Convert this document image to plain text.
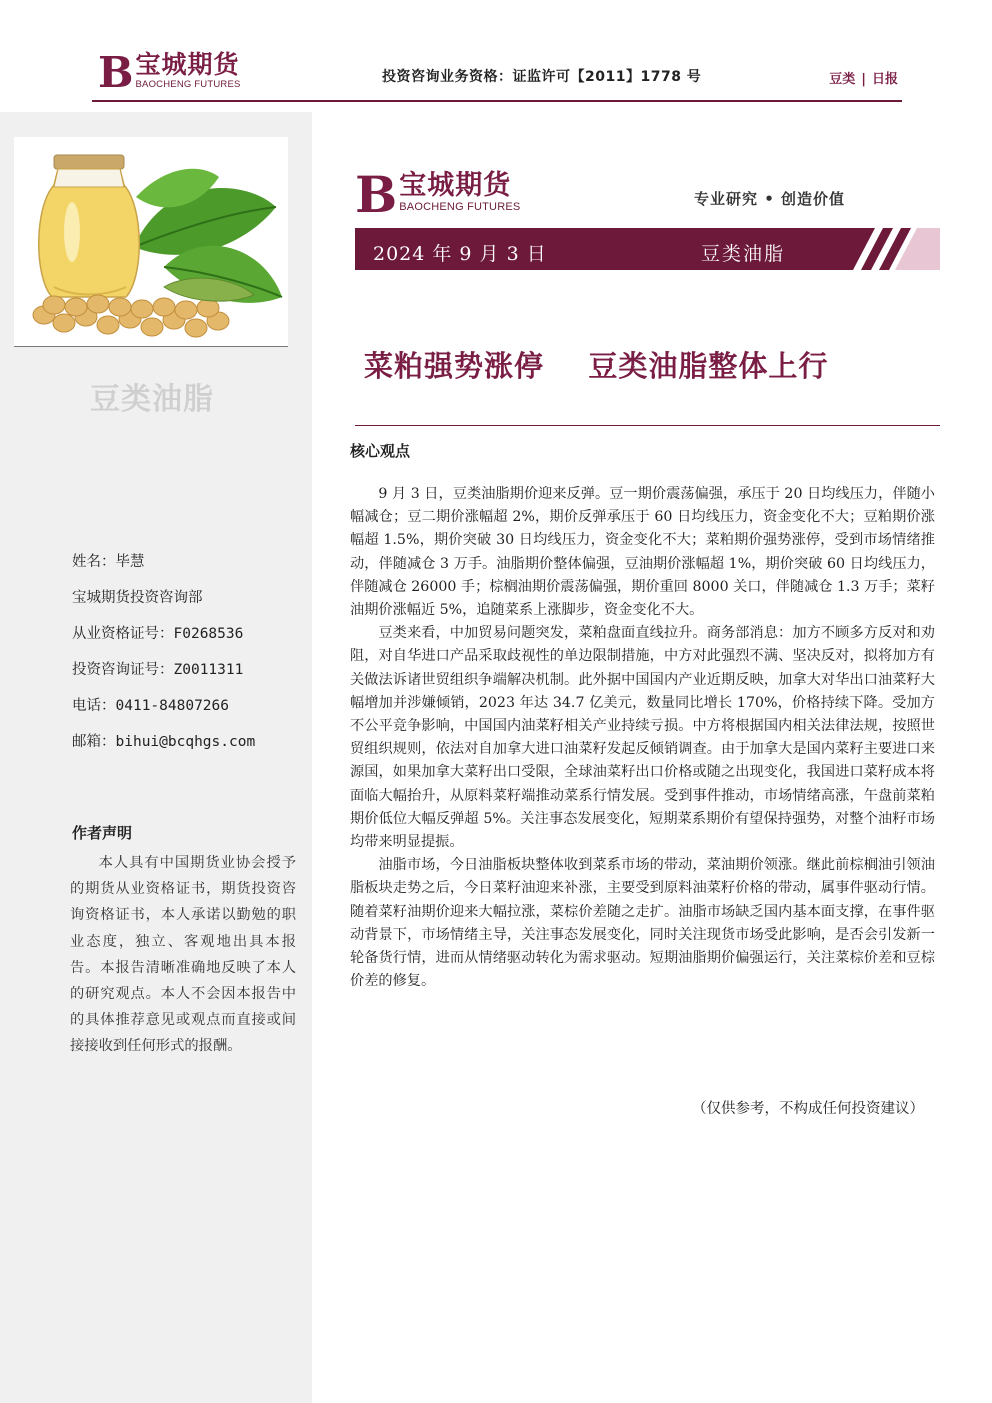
B 宝城期货
BAOCHENG FUTURES	投资咨询业务资格：证监许可【2011】1778 号	豆类 | 日报
豆类油脂
姓名：毕慧
宝城期货投资咨询部
从业资格证号：F0268536
投资咨询证号：Z0011311
电话：0411-84807266
邮箱：bihui@bcqhgs.com
作者声明
本人具有中国期货业协会授予的期货从业资格证书，期货投资咨询资格证书，本人承诺以勤勉的职业态度，独立、客观地出具本报告。本报告清晰准确地反映了本人的研究观点。本人不会因本报告中的具体推荐意见或观点而直接或间接接收到任何形式的报酬。
B 宝城期货
BAOCHENG FUTURES	专业研究 • 创造价值
2024 年 9 月 3 日	豆类油脂
菜粕强势涨停    豆类油脂整体上行
核心观点

9 月 3 日，豆类油脂期价迎来反弹。豆一期价震荡偏强，承压于 20 日均线压力，伴随小幅减仓；豆二期价涨幅超 2%，期价反弹承压于 60 日均线压力，资金变化不大；豆粕期价涨幅超 1.5%，期价突破 30 日均线压力，资金变化不大；菜粕期价强势涨停，受到市场情绪推动，伴随减仓 3 万手。油脂期价整体偏强，豆油期价涨幅超 1%，期价突破 60 日均线压力，伴随减仓 26000 手；棕榈油期价震荡偏强，期价重回 8000 关口，伴随减仓 1.3 万手；菜籽油期价涨幅近 5%，追随菜系上涨脚步，资金变化不大。

豆类来看，中加贸易问题突发，菜粕盘面直线拉升。商务部消息：加方不顾多方反对和劝阻，对自华进口产品采取歧视性的单边限制措施，中方对此强烈不满、坚决反对，拟将加方有关做法诉诸世贸组织争端解决机制。此外据中国国内产业近期反映，加拿大对华出口油菜籽大幅增加并涉嫌倾销，2023 年达 34.7 亿美元，数量同比增长 170%，价格持续下降。受加方不公平竞争影响，中国国内油菜籽相关产业持续亏损。中方将根据国内相关法律法规，按照世贸组织规则，依法对自加拿大进口油菜籽发起反倾销调查。由于加拿大是国内菜籽主要进口来源国，如果加拿大菜籽出口受限，全球油菜籽出口价格或随之出现变化，我国进口菜籽成本将面临大幅抬升，从原料菜籽端推动菜系行情发展。受到事件推动，市场情绪高涨，午盘前菜粕期价低位大幅反弹超 5%。关注事态发展变化，短期菜系期价有望保持强势，对整个油籽市场均带来明显提振。

油脂市场，今日油脂板块整体收到菜系市场的带动，菜油期价领涨。继此前棕榈油引领油脂板块走势之后，今日菜籽油迎来补涨，主要受到原料油菜籽价格的带动，属事件驱动行情。随着菜籽油期价迎来大幅拉涨，菜棕价差随之走扩。油脂市场缺乏国内基本面支撑，在事件驱动背景下，市场情绪主导，关注事态发展变化，同时关注现货市场受此影响，是否会引发新一轮备货行情，进而从情绪驱动转化为需求驱动。短期油脂期价偏强运行，关注菜棕价差和豆棕价差的修复。

（仅供参考，不构成任何投资建议）
